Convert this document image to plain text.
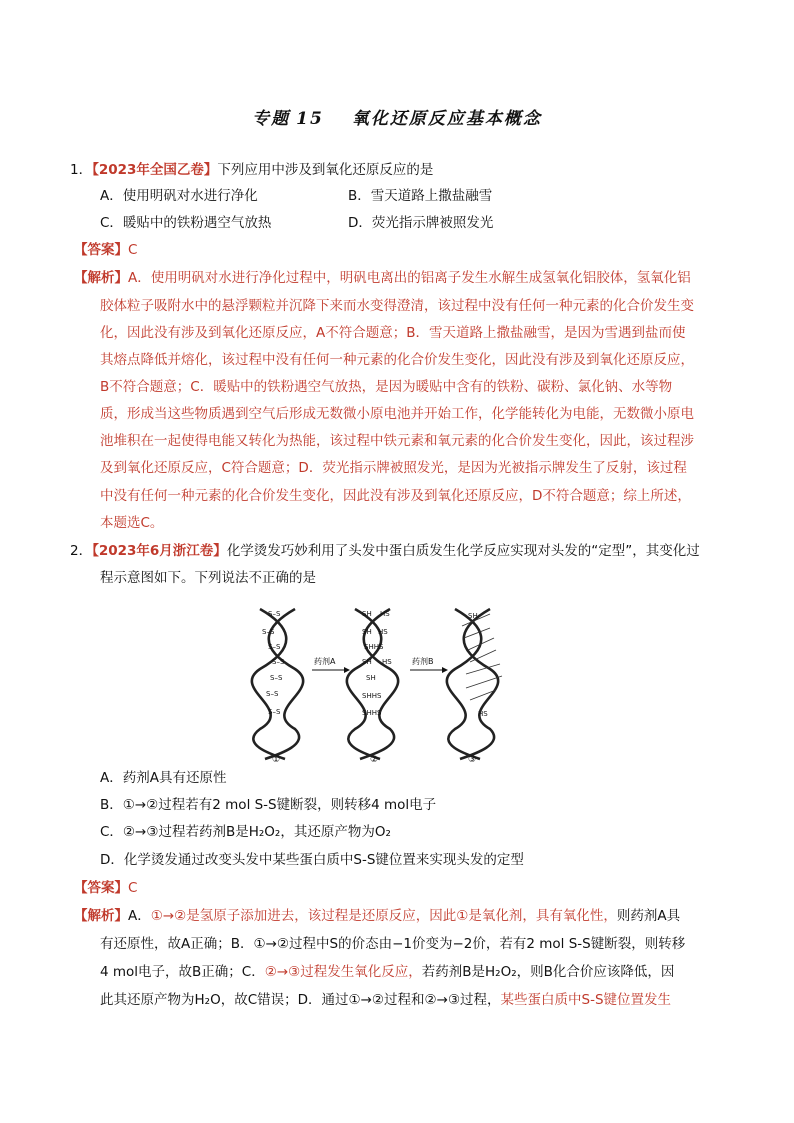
专题 15 氧化还原反应基本概念
1．【2023年全国乙卷】下列应用中涉及到氧化还原反应的是
A．使用明矾对水进行净化	B．雪天道路上撒盐融雪
C．暖贴中的铁粉遇空气放热	D．荧光指示牌被照发光
【答案】C
【解析】A．使用明矾对水进行净化过程中，明矾电离出的铝离子发生水解生成氢氧化铝胶体，氢氧化铝
胶体粒子吸附水中的悬浮颗粒并沉降下来而水变得澄清，该过程中没有任何一种元素的化合价发生变
化，因此没有涉及到氧化还原反应，A不符合题意；B．雪天道路上撒盐融雪，是因为雪遇到盐而使
其熔点降低并熔化，该过程中没有任何一种元素的化合价发生变化，因此没有涉及到氧化还原反应，
B不符合题意；C．暖贴中的铁粉遇空气放热，是因为暖贴中含有的铁粉、碳粉、氯化钠、水等物
质，形成当这些物质遇到空气后形成无数微小原电池并开始工作，化学能转化为电能，无数微小原电
池堆积在一起使得电能又转化为热能，该过程中铁元素和氧元素的化合价发生变化，因此，该过程涉
及到氧化还原反应，C符合题意；D．荧光指示牌被照发光，是因为光被指示牌发生了反射，该过程
中没有任何一种元素的化合价发生变化，因此没有涉及到氧化还原反应，D不符合题意；综上所述，
本题选C。
2．【2023年6月浙江卷】化学烫发巧妙利用了头发中蛋白质发生化学反应实现对头发的“定型”，其变化过
程示意图如下。下列说法不正确的是
S–S
S–S
S–S
S–S
S–S
S–S
S–S
SH HS
SH HS
SHHS
SH HS
SH
SHHS
SHHS
SH
HS
药剂A	药剂B
①	②	③
A．药剂A具有还原性
B．①→②过程若有2 mol S-S键断裂，则转移4 mol电子
C．②→③过程若药剂B是H₂O₂，其还原产物为O₂
D．化学烫发通过改变头发中某些蛋白质中S-S键位置来实现头发的定型
【答案】C
【解析】A．①→②是氢原子添加进去，该过程是还原反应，因此①是氧化剂，具有氧化性，则药剂A具
有还原性，故A正确；B．①→②过程中S的价态由−1价变为−2价，若有2 mol S-S键断裂，则转移
4 mol电子，故B正确；C．②→③过程发生氧化反应，若药剂B是H₂O₂，则B化合价应该降低，因
此其还原产物为H₂O，故C错误；D．通过①→②过程和②→③过程，某些蛋白质中S-S键位置发生
